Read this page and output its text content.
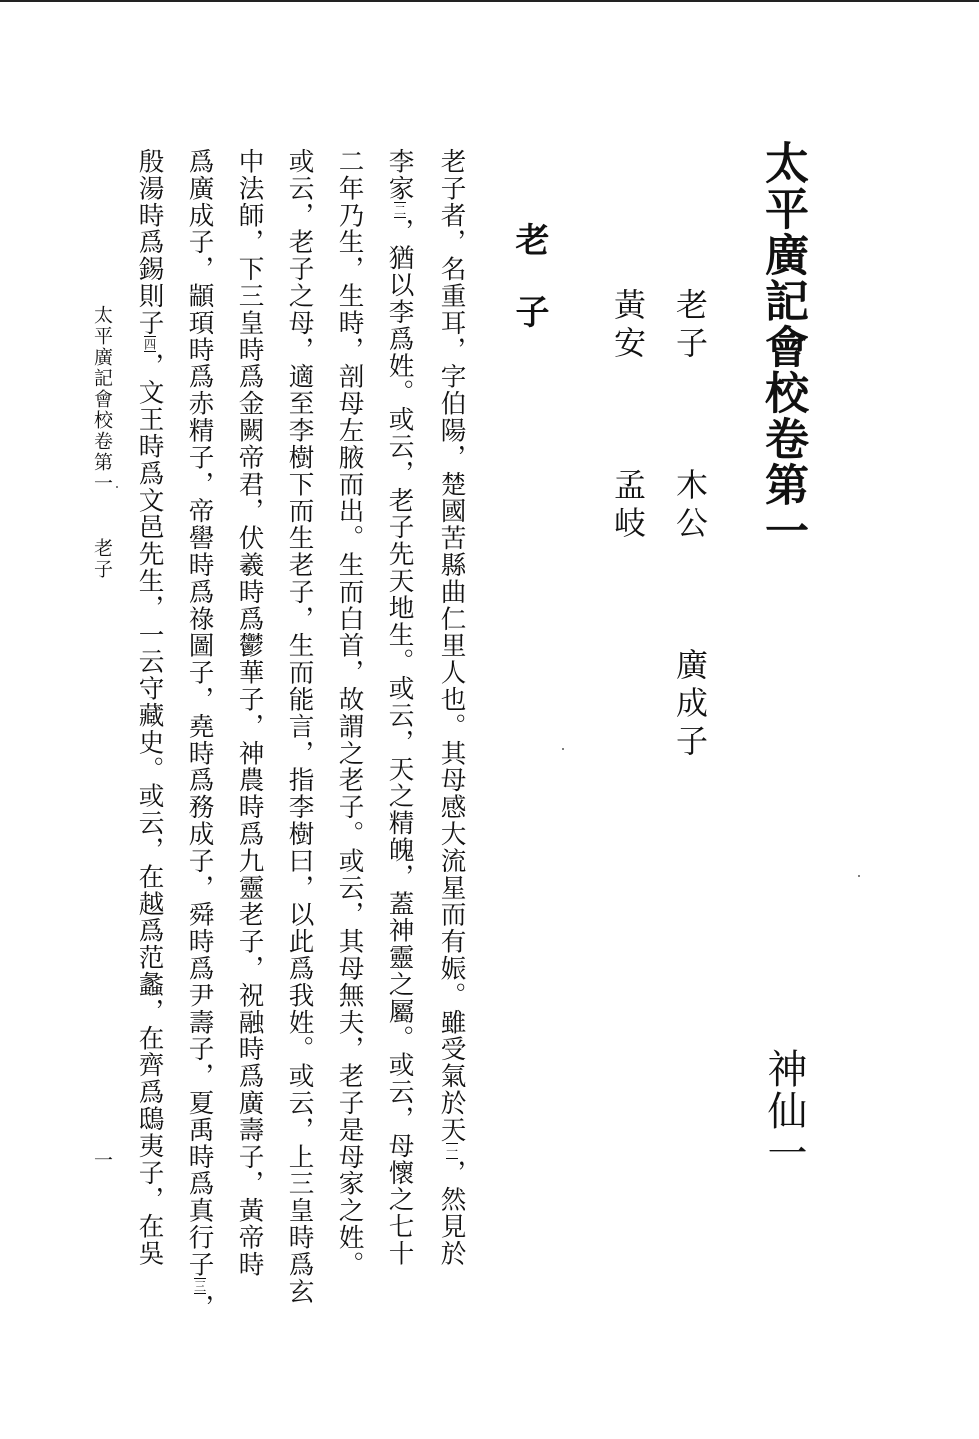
太平廣記會校卷第一
神仙一
老子
木公
廣成子
黃安
孟岐
老子
老子者，名重耳，字伯陽，楚國苦縣曲仁里人也。其母感大流星而有娠。雖受氣於天一，然見於
李家二，猶以李爲姓。或云，老子先天地生。或云，天之精魄，蓋神靈之屬。或云，母懷之七十
二年乃生，生時，剖母左腋而出。生而白首，故謂之老子。或云，其母無夫，老子是母家之姓。
或云，老子之母，適至李樹下而生老子，生而能言，指李樹曰，以此爲我姓。或云，上三皇時爲玄
中法師，下三皇時爲金闕帝君，伏羲時爲鬱華子，神農時爲九靈老子，祝融時爲廣壽子，黃帝時
爲廣成子，顓頊時爲赤精子，帝嚳時爲祿圖子，堯時爲務成子，舜時爲尹壽子，夏禹時爲真行子三，
殷湯時爲錫則子四，文王時爲文邑先生，一云守藏史。或云，在越爲范蠡，在齊爲鴟夷子，在吳
太平廣記會校卷第一
老子
一
